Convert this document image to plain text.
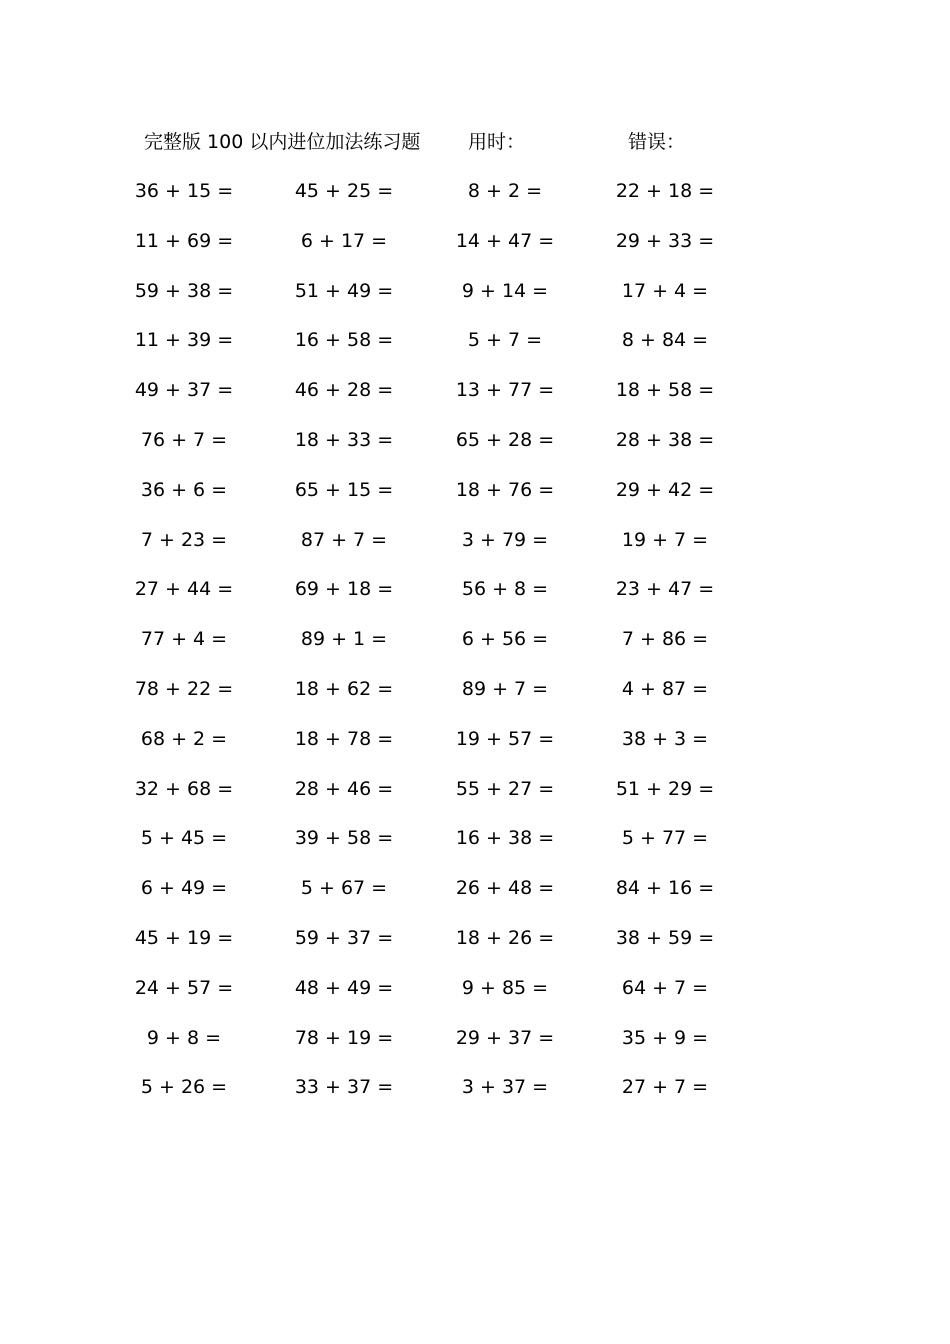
完整版 100 以内进位加法练习题	用时：	错误：
36 + 15 =	45 + 25 =	8 + 2 =	22 + 18 =
11 + 69 =	6 + 17 =	14 + 47 =	29 + 33 =
59 + 38 =	51 + 49 =	9 + 14 =	17 + 4 =
11 + 39 =	16 + 58 =	5 + 7 =	8 + 84 =
49 + 37 =	46 + 28 =	13 + 77 =	18 + 58 =
76 + 7 =	18 + 33 =	65 + 28 =	28 + 38 =
36 + 6 =	65 + 15 =	18 + 76 =	29 + 42 =
7 + 23 =	87 + 7 =	3 + 79 =	19 + 7 =
27 + 44 =	69 + 18 =	56 + 8 =	23 + 47 =
77 + 4 =	89 + 1 =	6 + 56 =	7 + 86 =
78 + 22 =	18 + 62 =	89 + 7 =	4 + 87 =
68 + 2 =	18 + 78 =	19 + 57 =	38 + 3 =
32 + 68 =	28 + 46 =	55 + 27 =	51 + 29 =
5 + 45 =	39 + 58 =	16 + 38 =	5 + 77 =
6 + 49 =	5 + 67 =	26 + 48 =	84 + 16 =
45 + 19 =	59 + 37 =	18 + 26 =	38 + 59 =
24 + 57 =	48 + 49 =	9 + 85 =	64 + 7 =
9 + 8 =	78 + 19 =	29 + 37 =	35 + 9 =
5 + 26 =	33 + 37 =	3 + 37 =	27 + 7 =
